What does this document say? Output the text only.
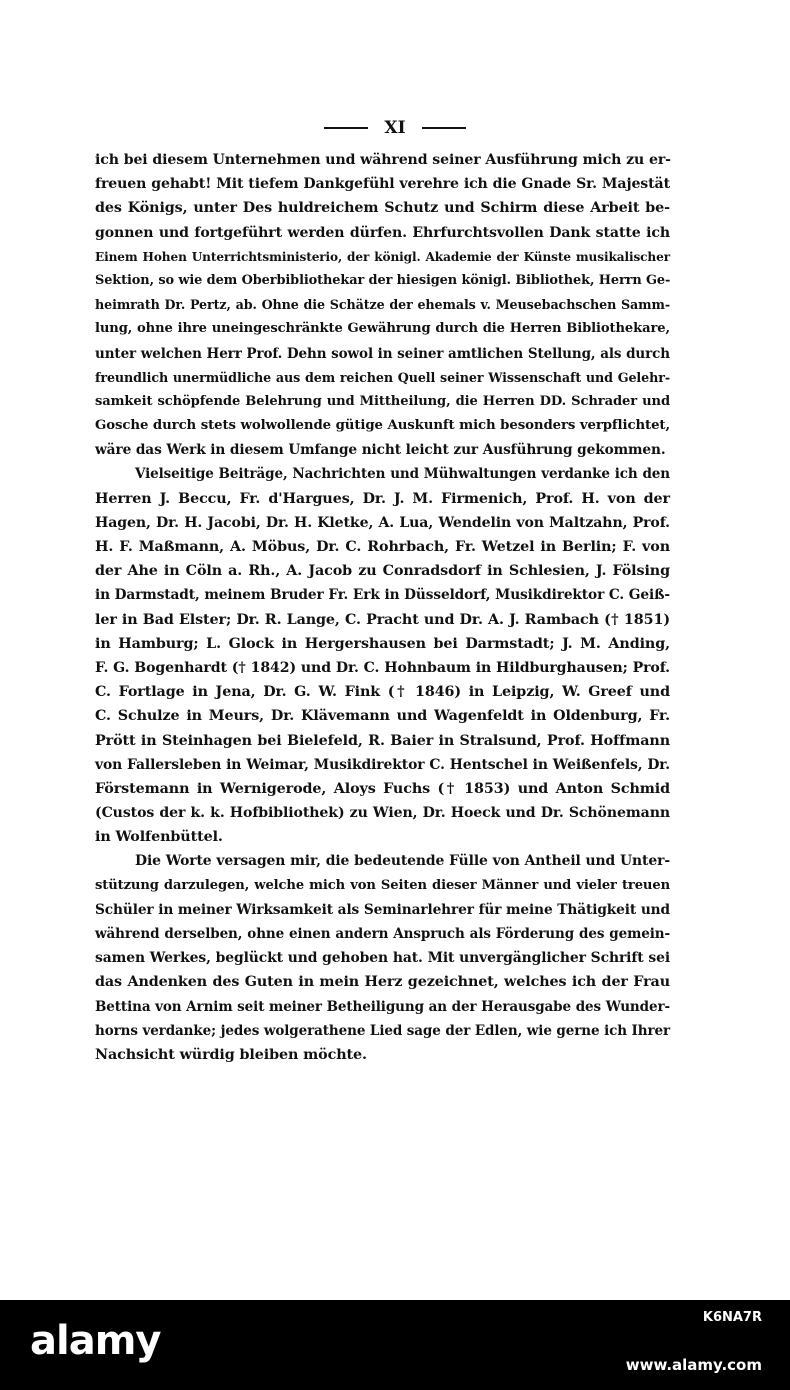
XI
ich bei diesem Unternehmen und während seiner Ausführung mich zu er-
freuen gehabt! Mit tiefem Dankgefühl verehre ich die Gnade Sr. Majestät
des Königs, unter Des huldreichem Schutz und Schirm diese Arbeit be-
gonnen und fortgeführt werden dürfen. Ehrfurchtsvollen Dank statte ich
Einem Hohen Unterrichtsministerio, der königl. Akademie der Künste musikalischer
Sektion, so wie dem Oberbibliothekar der hiesigen königl. Bibliothek, Herrn Ge-
heimrath Dr. Pertz, ab. Ohne die Schätze der ehemals v. Meusebachschen Samm-
lung, ohne ihre uneingeschränkte Gewährung durch die Herren Bibliothekare,
unter welchen Herr Prof. Dehn sowol in seiner amtlichen Stellung, als durch
freundlich unermüdliche aus dem reichen Quell seiner Wissenschaft und Gelehr-
samkeit schöpfende Belehrung und Mittheilung, die Herren DD. Schrader und
Gosche durch stets wolwollende gütige Auskunft mich besonders verpflichtet,
wäre das Werk in diesem Umfange nicht leicht zur Ausführung gekommen.
Vielseitige Beiträge, Nachrichten und Mühwaltungen verdanke ich den
Herren J. Beccu, Fr. d'Hargues, Dr. J. M. Firmenich, Prof. H. von der
Hagen, Dr. H. Jacobi, Dr. H. Kletke, A. Lua, Wendelin von Maltzahn, Prof.
H. F. Maßmann, A. Möbus, Dr. C. Rohrbach, Fr. Wetzel in Berlin; F. von
der Ahe in Cöln a. Rh., A. Jacob zu Conradsdorf in Schlesien, J. Fölsing
in Darmstadt, meinem Bruder Fr. Erk in Düsseldorf, Musikdirektor C. Geiß-
ler in Bad Elster; Dr. R. Lange, C. Pracht und Dr. A. J. Rambach († 1851)
in Hamburg; L. Glock in Hergershausen bei Darmstadt; J. M. Anding,
F. G. Bogenhardt († 1842) und Dr. C. Hohnbaum in Hildburghausen; Prof.
C. Fortlage in Jena, Dr. G. W. Fink († 1846) in Leipzig, W. Greef und
C. Schulze in Meurs, Dr. Klävemann und Wagenfeldt in Oldenburg, Fr.
Prött in Steinhagen bei Bielefeld, R. Baier in Stralsund, Prof. Hoffmann
von Fallersleben in Weimar, Musikdirektor C. Hentschel in Weißenfels, Dr.
Förstemann in Wernigerode, Aloys Fuchs († 1853) und Anton Schmid
(Custos der k. k. Hofbibliothek) zu Wien, Dr. Hoeck und Dr. Schönemann
in Wolfenbüttel.
Die Worte versagen mir, die bedeutende Fülle von Antheil und Unter-
stützung darzulegen, welche mich von Seiten dieser Männer und vieler treuen
Schüler in meiner Wirksamkeit als Seminarlehrer für meine Thätigkeit und
während derselben, ohne einen andern Anspruch als Förderung des gemein-
samen Werkes, beglückt und gehoben hat. Mit unvergänglicher Schrift sei
das Andenken des Guten in mein Herz gezeichnet, welches ich der Frau
Bettina von Arnim seit meiner Betheiligung an der Herausgabe des Wunder-
horns verdanke; jedes wolgerathene Lied sage der Edlen, wie gerne ich Ihrer
Nachsicht würdig bleiben möchte.
alamy
K6NA7R
www.alamy.com
